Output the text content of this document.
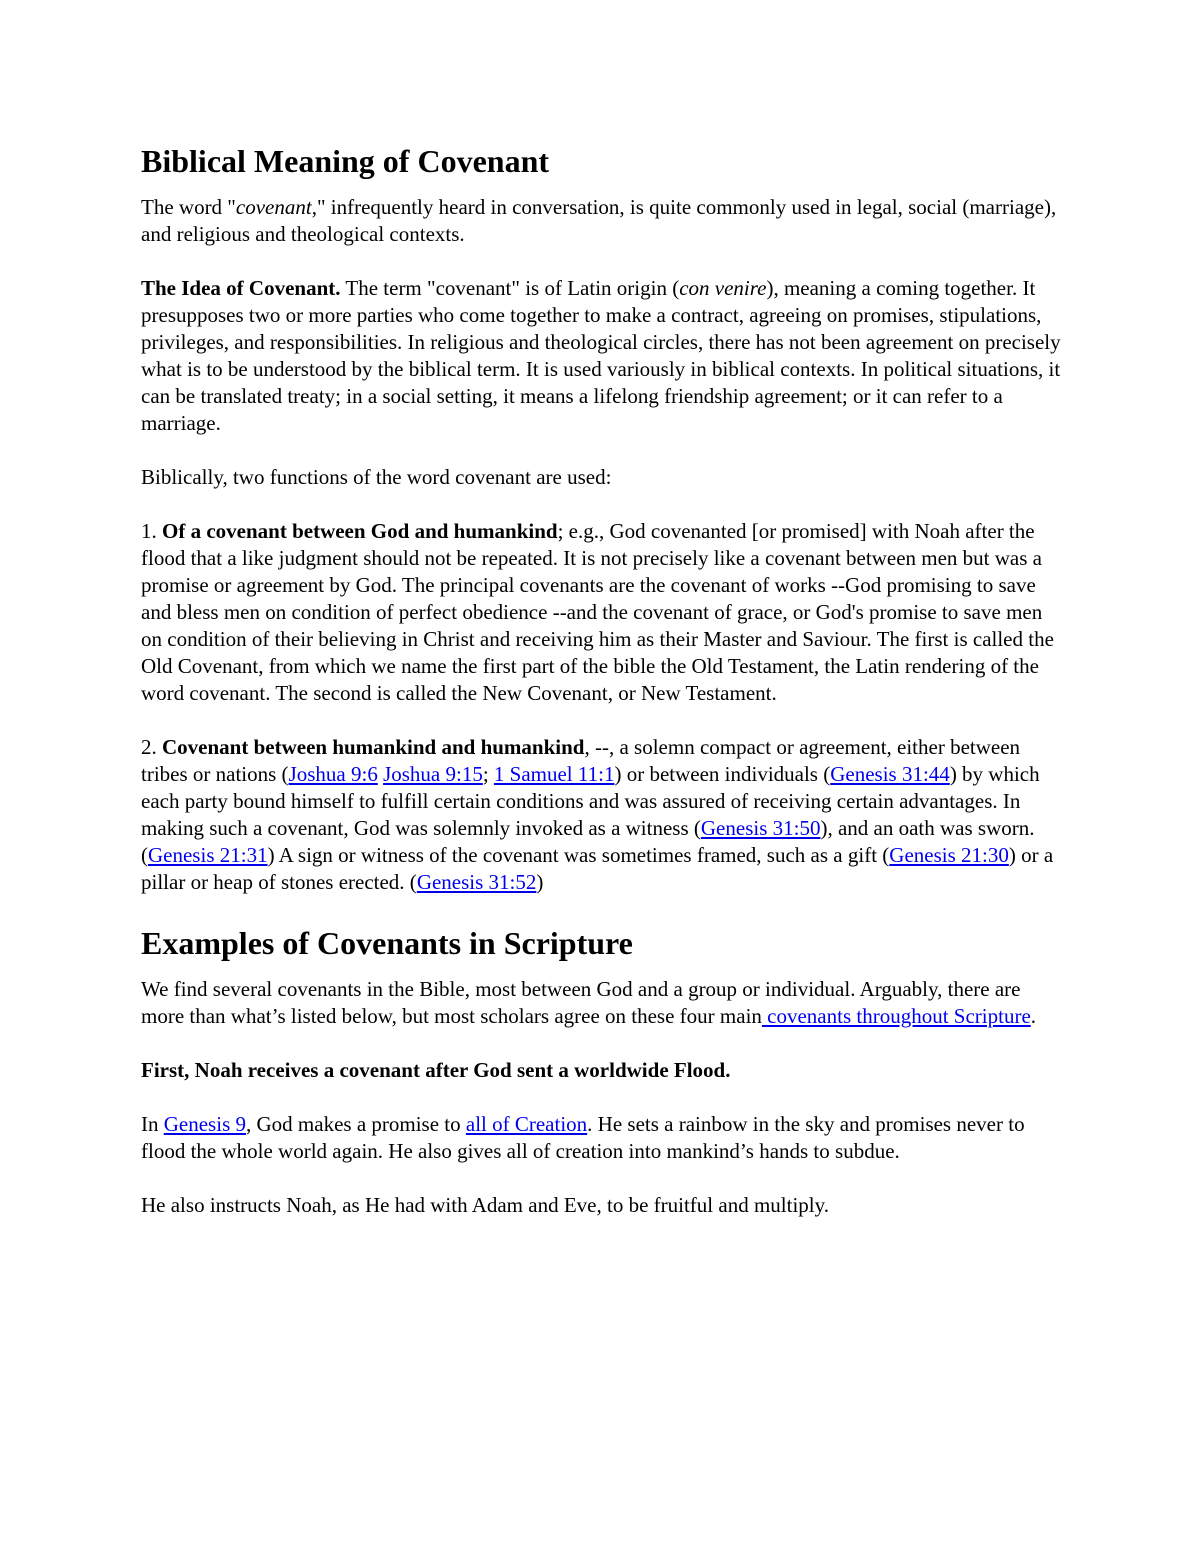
Biblical Meaning of Covenant

The word "covenant," infrequently heard in conversation, is quite commonly used in legal, social (marriage), and religious and theological contexts.

The Idea of Covenant. The term "covenant" is of Latin origin (con venire), meaning a coming together. It presupposes two or more parties who come together to make a contract, agreeing on promises, stipulations, privileges, and responsibilities. In religious and theological circles, there has not been agreement on precisely what is to be understood by the biblical term. It is used variously in biblical contexts. In political situations, it can be translated treaty; in a social setting, it means a lifelong friendship agreement; or it can refer to a marriage.

Biblically, two functions of the word covenant are used:

1. Of a covenant between God and humankind; e.g., God covenanted [or promised] with Noah after the flood that a like judgment should not be repeated. It is not precisely like a covenant between men but was a promise or agreement by God. The principal covenants are the covenant of works --God promising to save and bless men on condition of perfect obedience --and the covenant of grace, or God's promise to save men on condition of their believing in Christ and receiving him as their Master and Saviour. The first is called the Old Covenant, from which we name the first part of the bible the Old Testament, the Latin rendering of the word covenant. The second is called the New Covenant, or New Testament.

2. Covenant between humankind and humankind, --, a solemn compact or agreement, either between tribes or nations (Joshua 9:6 Joshua 9:15; 1 Samuel 11:1) or between individuals (Genesis 31:44) by which each party bound himself to fulfill certain conditions and was assured of receiving certain advantages. In making such a covenant, God was solemnly invoked as a witness (Genesis 31:50), and an oath was sworn. (Genesis 21:31) A sign or witness of the covenant was sometimes framed, such as a gift (Genesis 21:30) or a pillar or heap of stones erected. (Genesis 31:52)

Examples of Covenants in Scripture

We find several covenants in the Bible, most between God and a group or individual. Arguably, there are more than what’s listed below, but most scholars agree on these four main covenants throughout Scripture.

First, Noah receives a covenant after God sent a worldwide Flood.

In Genesis 9, God makes a promise to all of Creation. He sets a rainbow in the sky and promises never to flood the whole world again. He also gives all of creation into mankind’s hands to subdue.

He also instructs Noah, as He had with Adam and Eve, to be fruitful and multiply.
